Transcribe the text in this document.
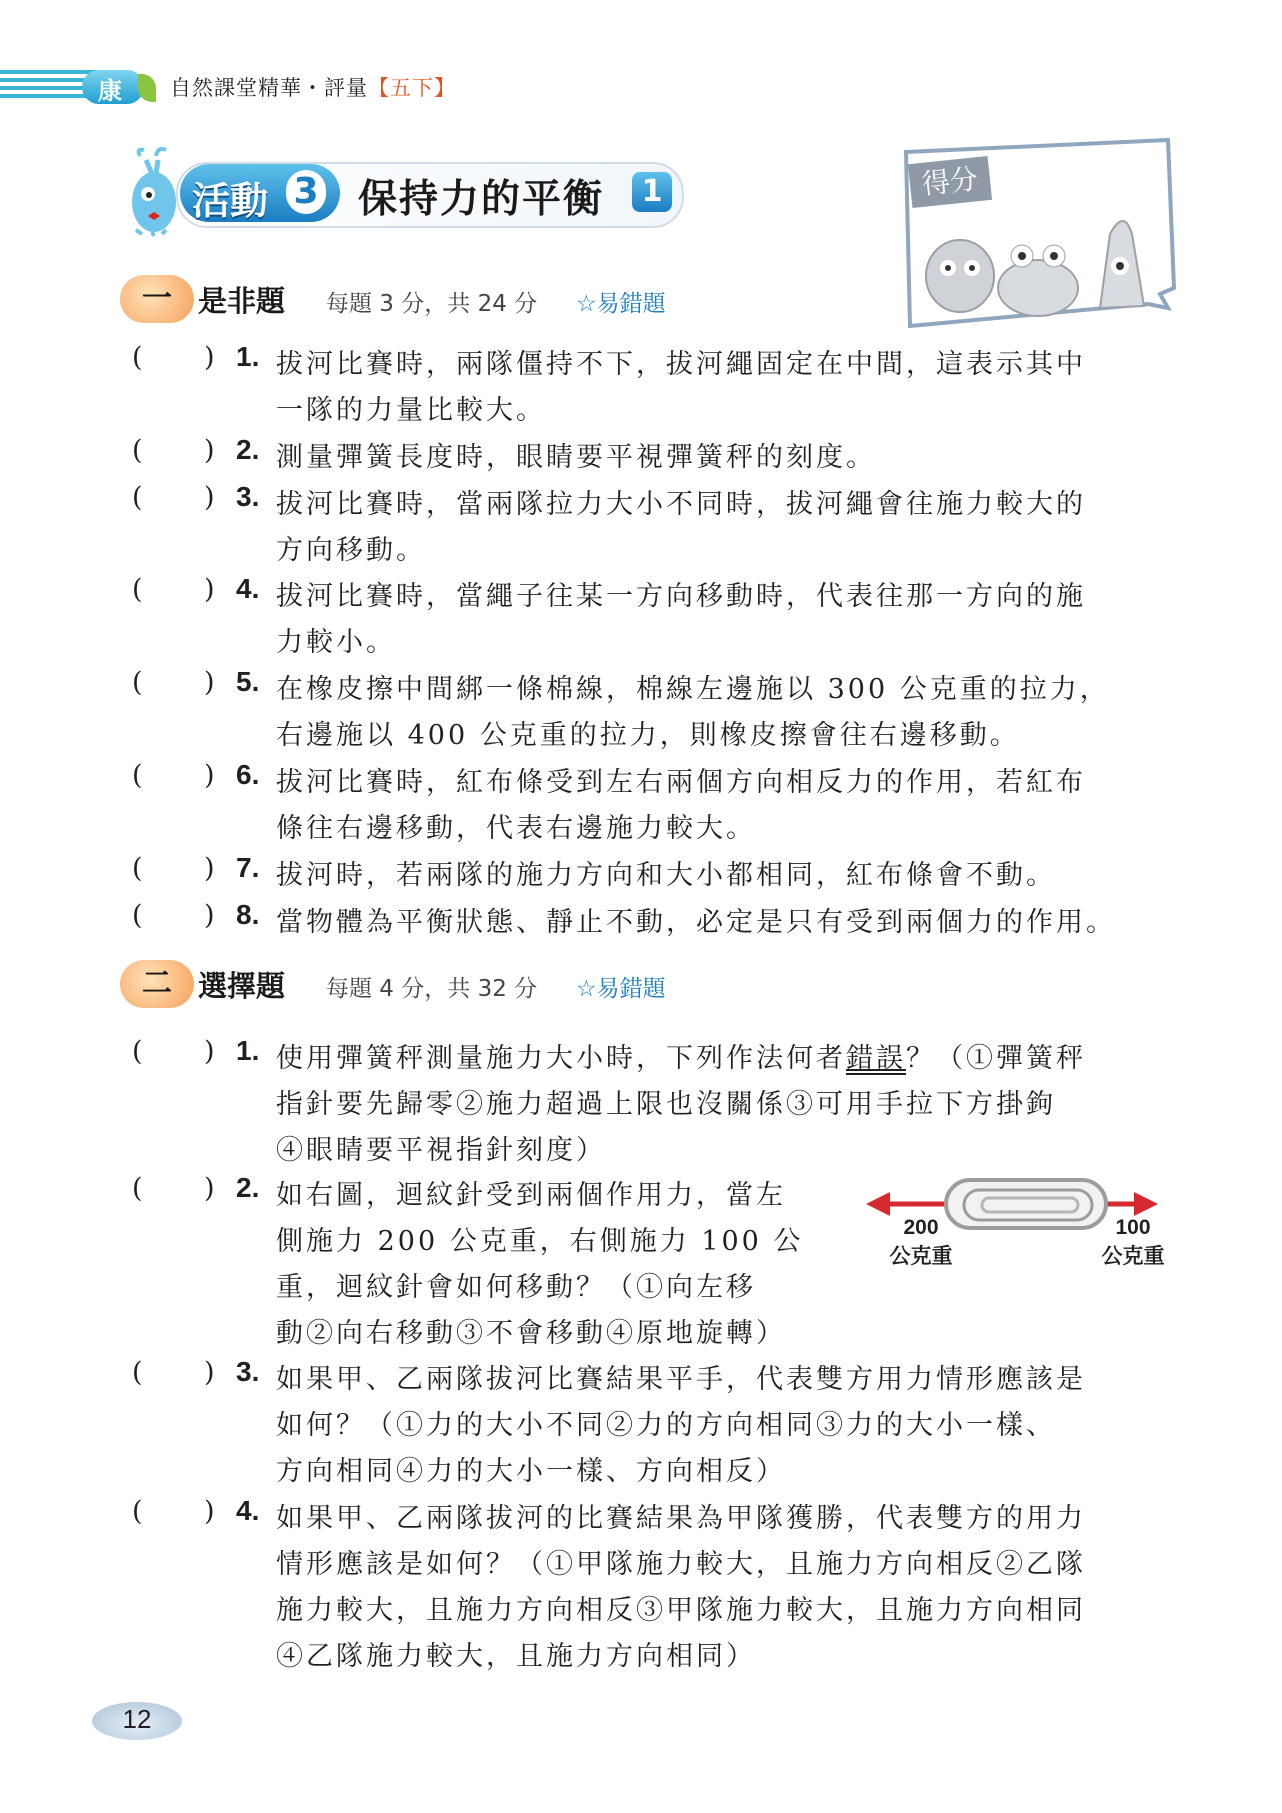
康 自然課堂精華・評量【五下】
活動 3 保持力的平衡	1	得分
一 是非題 每題 3 分，共 24 分 ☆易錯題
( ) 1. 拔河比賽時，兩隊僵持不下，拔河繩固定在中間，這表示其中
一隊的力量比較大。
( ) 2. 測量彈簧長度時，眼睛要平視彈簧秤的刻度。
( ) 3. 拔河比賽時，當兩隊拉力大小不同時，拔河繩會往施力較大的
方向移動。
( ) 4. 拔河比賽時，當繩子往某一方向移動時，代表往那一方向的施
力較小。
( ) 5. 在橡皮擦中間綁一條棉線，棉線左邊施以 300 公克重的拉力，
右邊施以 400 公克重的拉力，則橡皮擦會往右邊移動。
( ) 6. 拔河比賽時，紅布條受到左右兩個方向相反力的作用，若紅布
條往右邊移動，代表右邊施力較大。
( ) 7. 拔河時，若兩隊的施力方向和大小都相同，紅布條會不動。
( ) 8. 當物體為平衡狀態、靜止不動，必定是只有受到兩個力的作用。
二 選擇題 每題 4 分，共 32 分 ☆易錯題
( ) 1. 使用彈簧秤測量施力大小時，下列作法何者錯誤？（①彈簧秤
指針要先歸零②施力超過上限也沒關係③可用手拉下方掛鉤
④眼睛要平視指針刻度）
( ) 2. 如右圖，迴紋針受到兩個作用力，當左
側施力 200 公克重，右側施力 100 公
重，迴紋針會如何移動？（①向左移
動②向右移動③不會移動④原地旋轉）
( ) 3. 如果甲、乙兩隊拔河比賽結果平手，代表雙方用力情形應該是
如何？（①力的大小不同②力的方向相同③力的大小一樣、
方向相同④力的大小一樣、方向相反）
( ) 4. 如果甲、乙兩隊拔河的比賽結果為甲隊獲勝，代表雙方的用力
情形應該是如何？（①甲隊施力較大，且施力方向相反②乙隊
施力較大，且施力方向相反③甲隊施力較大，且施力方向相同
④乙隊施力較大，且施力方向相同）
200
公克重
100
公克重
12
